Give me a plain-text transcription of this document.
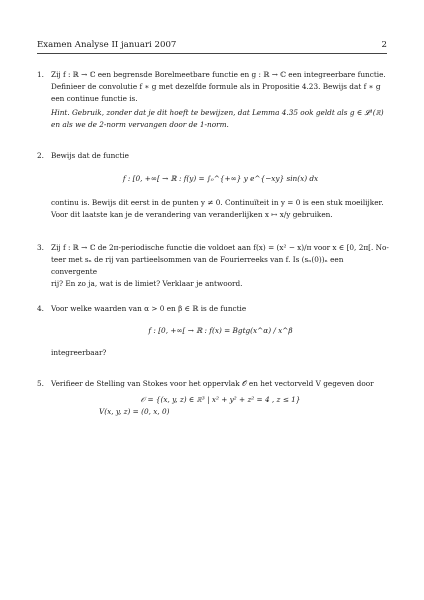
Examen Analyse II januari 2007	2
1. Zij f : ℝ → ℂ een begrensde Borelmeetbare functie en g : ℝ → ℂ een integreerbare functie.

Definieer de convolutie f ∗ g met dezelfde formule als in Propositie 4.23. Bewijs dat f ∗ g

een continue functie is.

Hint. Gebruik, zonder dat je dit hoeft te bewijzen, dat Lemma 4.35 ook geldt als g ∈ 𝓛¹(ℝ)

en als we de 2-norm vervangen door de 1-norm.

2. Bewijs dat de functie

f : [0, +∞[ → ℝ : f(y) = ∫₀^{+∞} y e^{−xy} sin(x) dx

continu is. Bewijs dit eerst in de punten y ≠ 0. Continuïteit in y = 0 is een stuk moeilijker.

Voor dit laatste kan je de verandering van veranderlijken x ↦ x/y gebruiken.

3. Zij f : ℝ → ℂ de 2π-periodische functie die voldoet aan f(x) = (x² − x)/π voor x ∈ [0, 2π[. No-

teer met sₙ de rij van partieelsommen van de Fourierreeks van f. Is (sₙ(0))ₙ een convergente

rij? En zo ja, wat is de limiet? Verklaar je antwoord.

4. Voor welke waarden van α > 0 en β ∈ ℝ is de functie

f : [0, +∞[ → ℝ : f(x) = Bgtg(x^α) / x^β

integreerbaar?

5. Verifieer de Stelling van Stokes voor het oppervlak 𝒪 en het vectorveld V gegeven door

𝒪 = {(x, y, z) ∈ ℝ³ | x² + y² + z² = 4 , z ≤ 1}

V(x, y, z) = (0, x, 0)
